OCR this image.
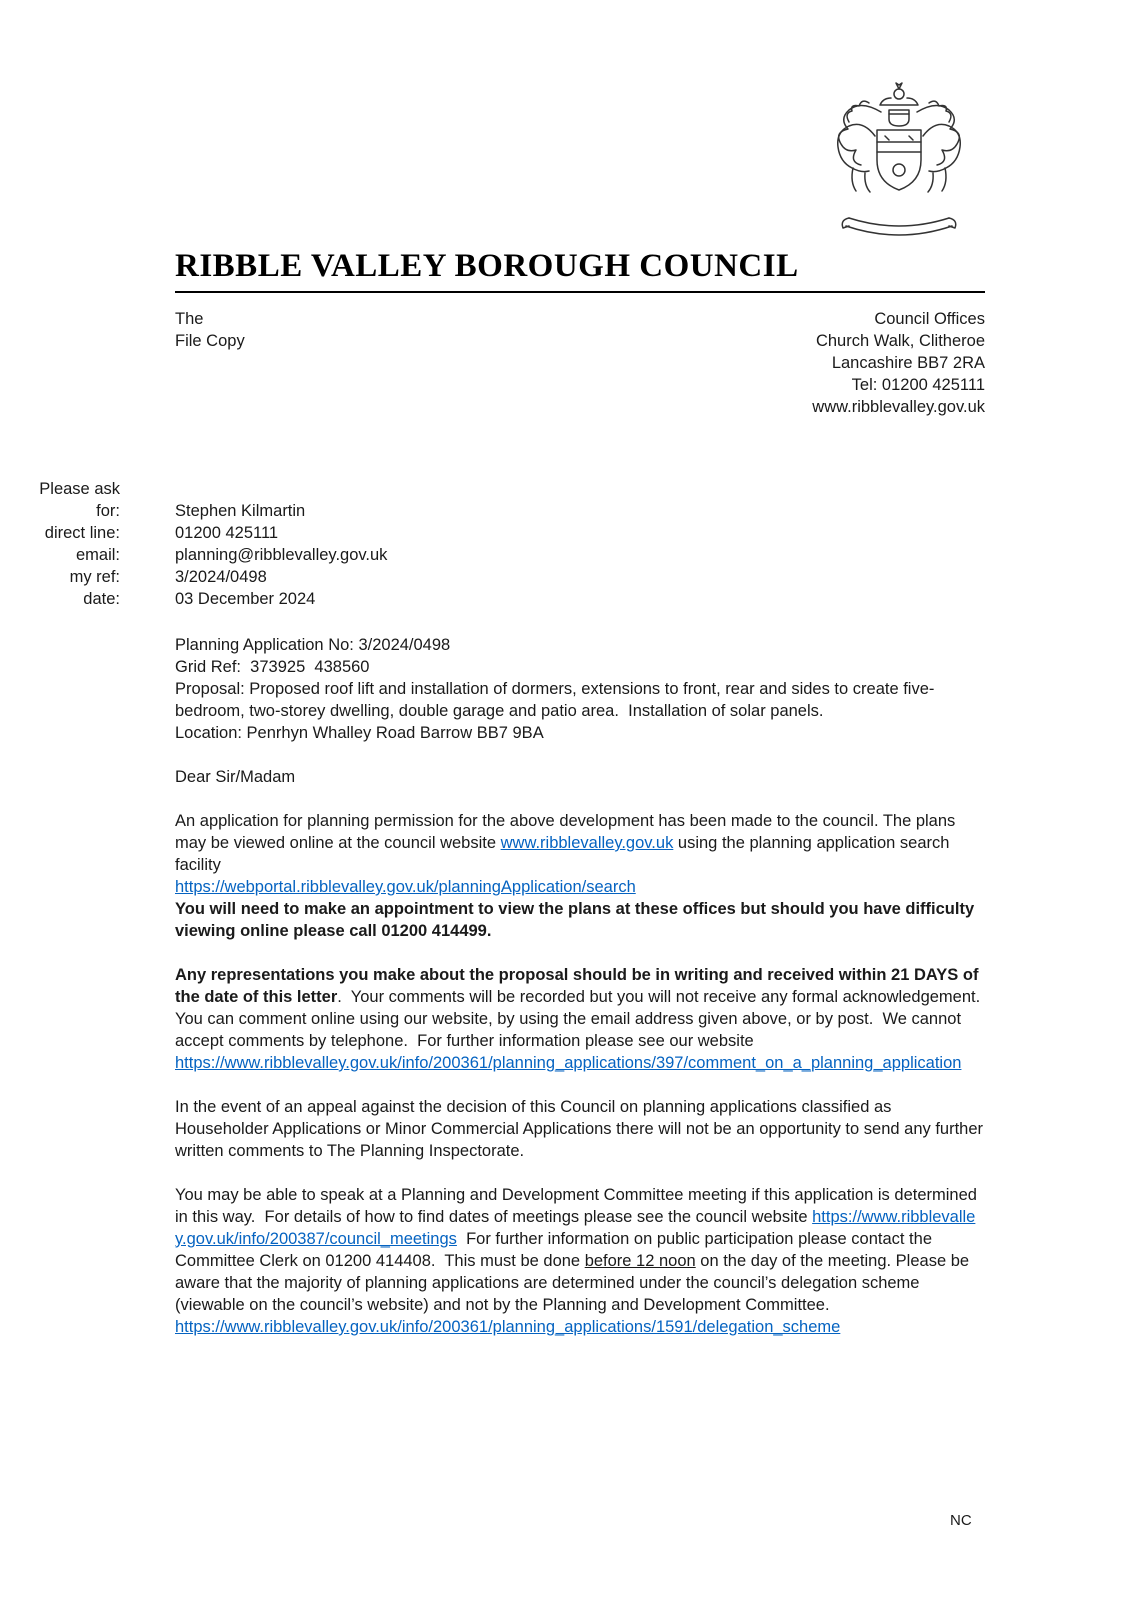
RIBBLE VALLEY BOROUGH COUNCIL
The
File Copy
Council Offices
Church Walk, Clitheroe
Lancashire BB7 2RA
Tel: 01200 425111
www.ribblevalley.gov.uk
Please ask
for:
direct line:
email:
my ref:
date:
Stephen Kilmartin
01200 425111
planning@ribblevalley.gov.uk
3/2024/0498
03 December 2024
Planning Application No: 3/2024/0498
Grid Ref:  373925  438560
Proposal: Proposed roof lift and installation of dormers, extensions to front, rear and sides to create five-bedroom, two-storey dwelling, double garage and patio area.  Installation of solar panels.
Location: Penrhyn Whalley Road Barrow BB7 9BA
Dear Sir/Madam
An application for planning permission for the above development has been made to the council. The plans may be viewed online at the council website www.ribblevalley.gov.uk using the planning application search facility
https://webportal.ribblevalley.gov.uk/planningApplication/search
You will need to make an appointment to view the plans at these offices but should you have difficulty viewing online please call 01200 414499.
Any representations you make about the proposal should be in writing and received within 21 DAYS of the date of this letter.  Your comments will be recorded but you will not receive any formal acknowledgement.  You can comment online using our website, by using the email address given above, or by post.  We cannot accept comments by telephone.  For further information please see our website
https://www.ribblevalley.gov.uk/info/200361/planning_applications/397/comment_on_a_planning_application
In the event of an appeal against the decision of this Council on planning applications classified as Householder Applications or Minor Commercial Applications there will not be an opportunity to send any further written comments to The Planning Inspectorate.
You may be able to speak at a Planning and Development Committee meeting if this application is determined in this way.  For details of how to find dates of meetings please see the council website https://www.ribblevalley.gov.uk/info/200387/council_meetings  For further information on public participation please contact the Committee Clerk on 01200 414408.  This must be done before 12 noon on the day of the meeting. Please be aware that the majority of planning applications are determined under the council’s delegation scheme (viewable on the council’s website) and not by the Planning and Development Committee.
https://www.ribblevalley.gov.uk/info/200361/planning_applications/1591/delegation_scheme
NC
